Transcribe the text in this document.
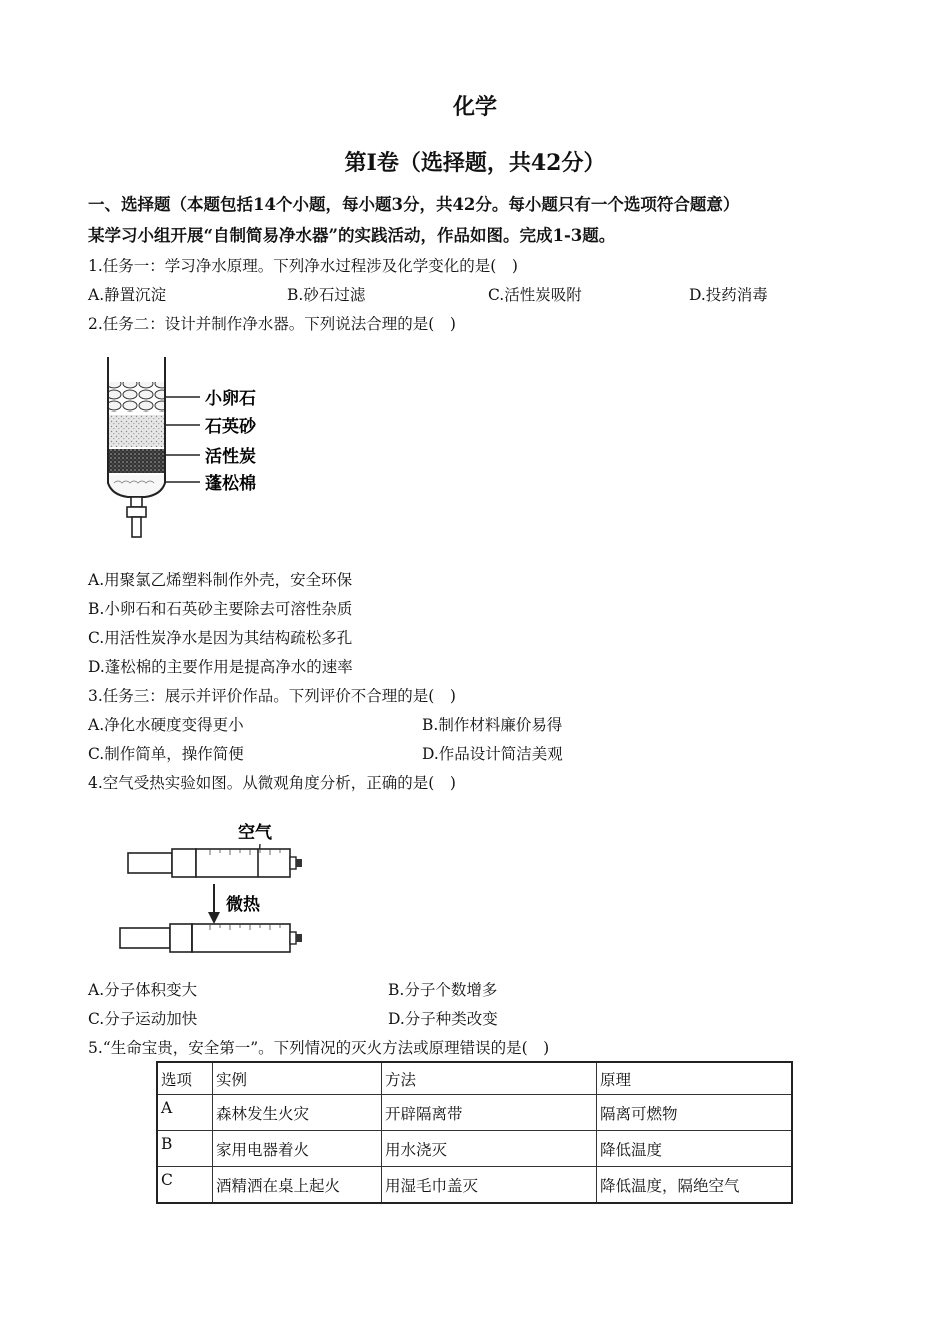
化学
第I卷（选择题，共42分）
一、选择题（本题包括14个小题，每小题3分，共42分。每小题只有一个选项符合题意）
某学习小组开展“自制简易净水器”的实践活动，作品如图。完成1-3题。
1.任务一：学习净水原理。下列净水过程涉及化学变化的是(　)
A.静置沉淀	B.砂石过滤	C.活性炭吸附	D.投药消毒
2.任务二：设计并制作净水器。下列说法合理的是(　)
小卵石
石英砂
活性炭
蓬松棉
A.用聚氯乙烯塑料制作外壳，安全环保
B.小卵石和石英砂主要除去可溶性杂质
C.用活性炭净水是因为其结构疏松多孔
D.蓬松棉的主要作用是提高净水的速率
3.任务三：展示并评价作品。下列评价不合理的是(　)
A.净化水硬度变得更小	B.制作材料廉价易得
C.制作简单，操作简便	D.作品设计简洁美观
4.空气受热实验如图。从微观角度分析，正确的是(　)
空气
微热
A.分子体积变大	B.分子个数增多
C.分子运动加快	D.分子种类改变
5.“生命宝贵，安全第一”。下列情况的灭火方法或原理错误的是(　)
选项	实例	方法	原理
A	森林发生火灾	开辟隔离带	隔离可燃物
B	家用电器着火	用水浇灭	降低温度
C	酒精洒在桌上起火	用湿毛巾盖灭	降低温度，隔绝空气
